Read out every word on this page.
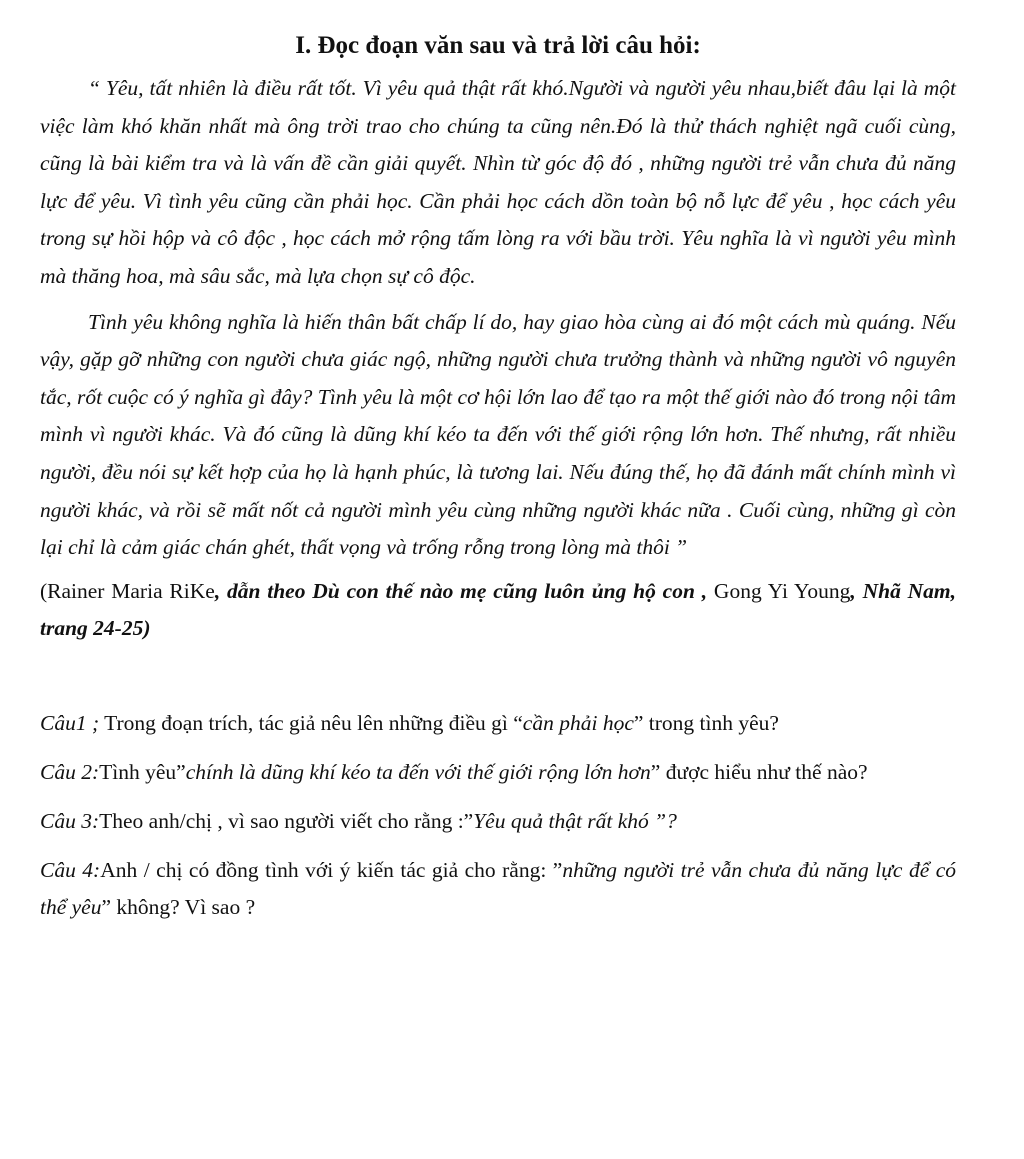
I. Đọc đoạn văn sau và trả lời câu hỏi:

“ Yêu, tất nhiên là điều rất tốt. Vì yêu quả thật rất khó.Người và người yêu nhau,biết đâu lại là một việc làm khó khăn nhất mà ông trời trao cho chúng ta cũng nên.Đó là thử thách nghiệt ngã cuối cùng, cũng là bài kiểm tra và là vấn đề cần giải quyết. Nhìn từ góc độ đó , những người trẻ vẫn chưa đủ năng lực để yêu. Vì tình yêu cũng cần phải học. Cần phải học cách dồn toàn bộ nỗ lực để yêu , học cách yêu trong sự hồi hộp và cô độc , học cách mở rộng tấm lòng ra với bầu trời. Yêu nghĩa là vì người yêu mình mà thăng hoa, mà sâu sắc, mà lựa chọn sự cô độc.

Tình yêu không nghĩa là hiến thân bất chấp lí do, hay giao hòa cùng ai đó một cách mù quáng. Nếu vậy, gặp gỡ những con người chưa giác ngộ, những người chưa trưởng thành và những người vô nguyên tắc, rốt cuộc có ý nghĩa gì đây? Tình yêu là một cơ hội lớn lao để tạo ra một thế giới nào đó trong nội tâm mình vì người khác. Và đó cũng là dũng khí kéo ta đến với thế giới rộng lớn hơn. Thế nhưng, rất nhiều người, đều nói sự kết hợp của họ là hạnh phúc, là tương lai. Nếu đúng thế, họ đã đánh mất chính mình vì người khác, và rồi sẽ mất nốt cả người mình yêu cùng những người khác nữa . Cuối cùng, những gì còn lại chỉ là cảm giác chán ghét, thất vọng và trống rỗng trong lòng mà thôi ”

(Rainer Maria RiKe, dẫn theo Dù con thế nào mẹ cũng luôn ủng hộ con , Gong Yi Young, Nhã Nam, trang 24-25)

Câu1 ; Trong đoạn trích, tác giả nêu lên những điều gì “cần phải học” trong tình yêu?

Câu 2:Tình yêu”chính là dũng khí kéo ta đến với thế giới rộng lớn hơn” được hiểu như thế nào?

Câu 3:Theo anh/chị , vì sao người viết cho rằng :”Yêu quả thật rất khó ”?

Câu 4:Anh / chị có đồng tình với ý kiến tác giả cho rằng: ”những người trẻ vẫn chưa đủ năng lực để có thể yêu” không? Vì sao ?
